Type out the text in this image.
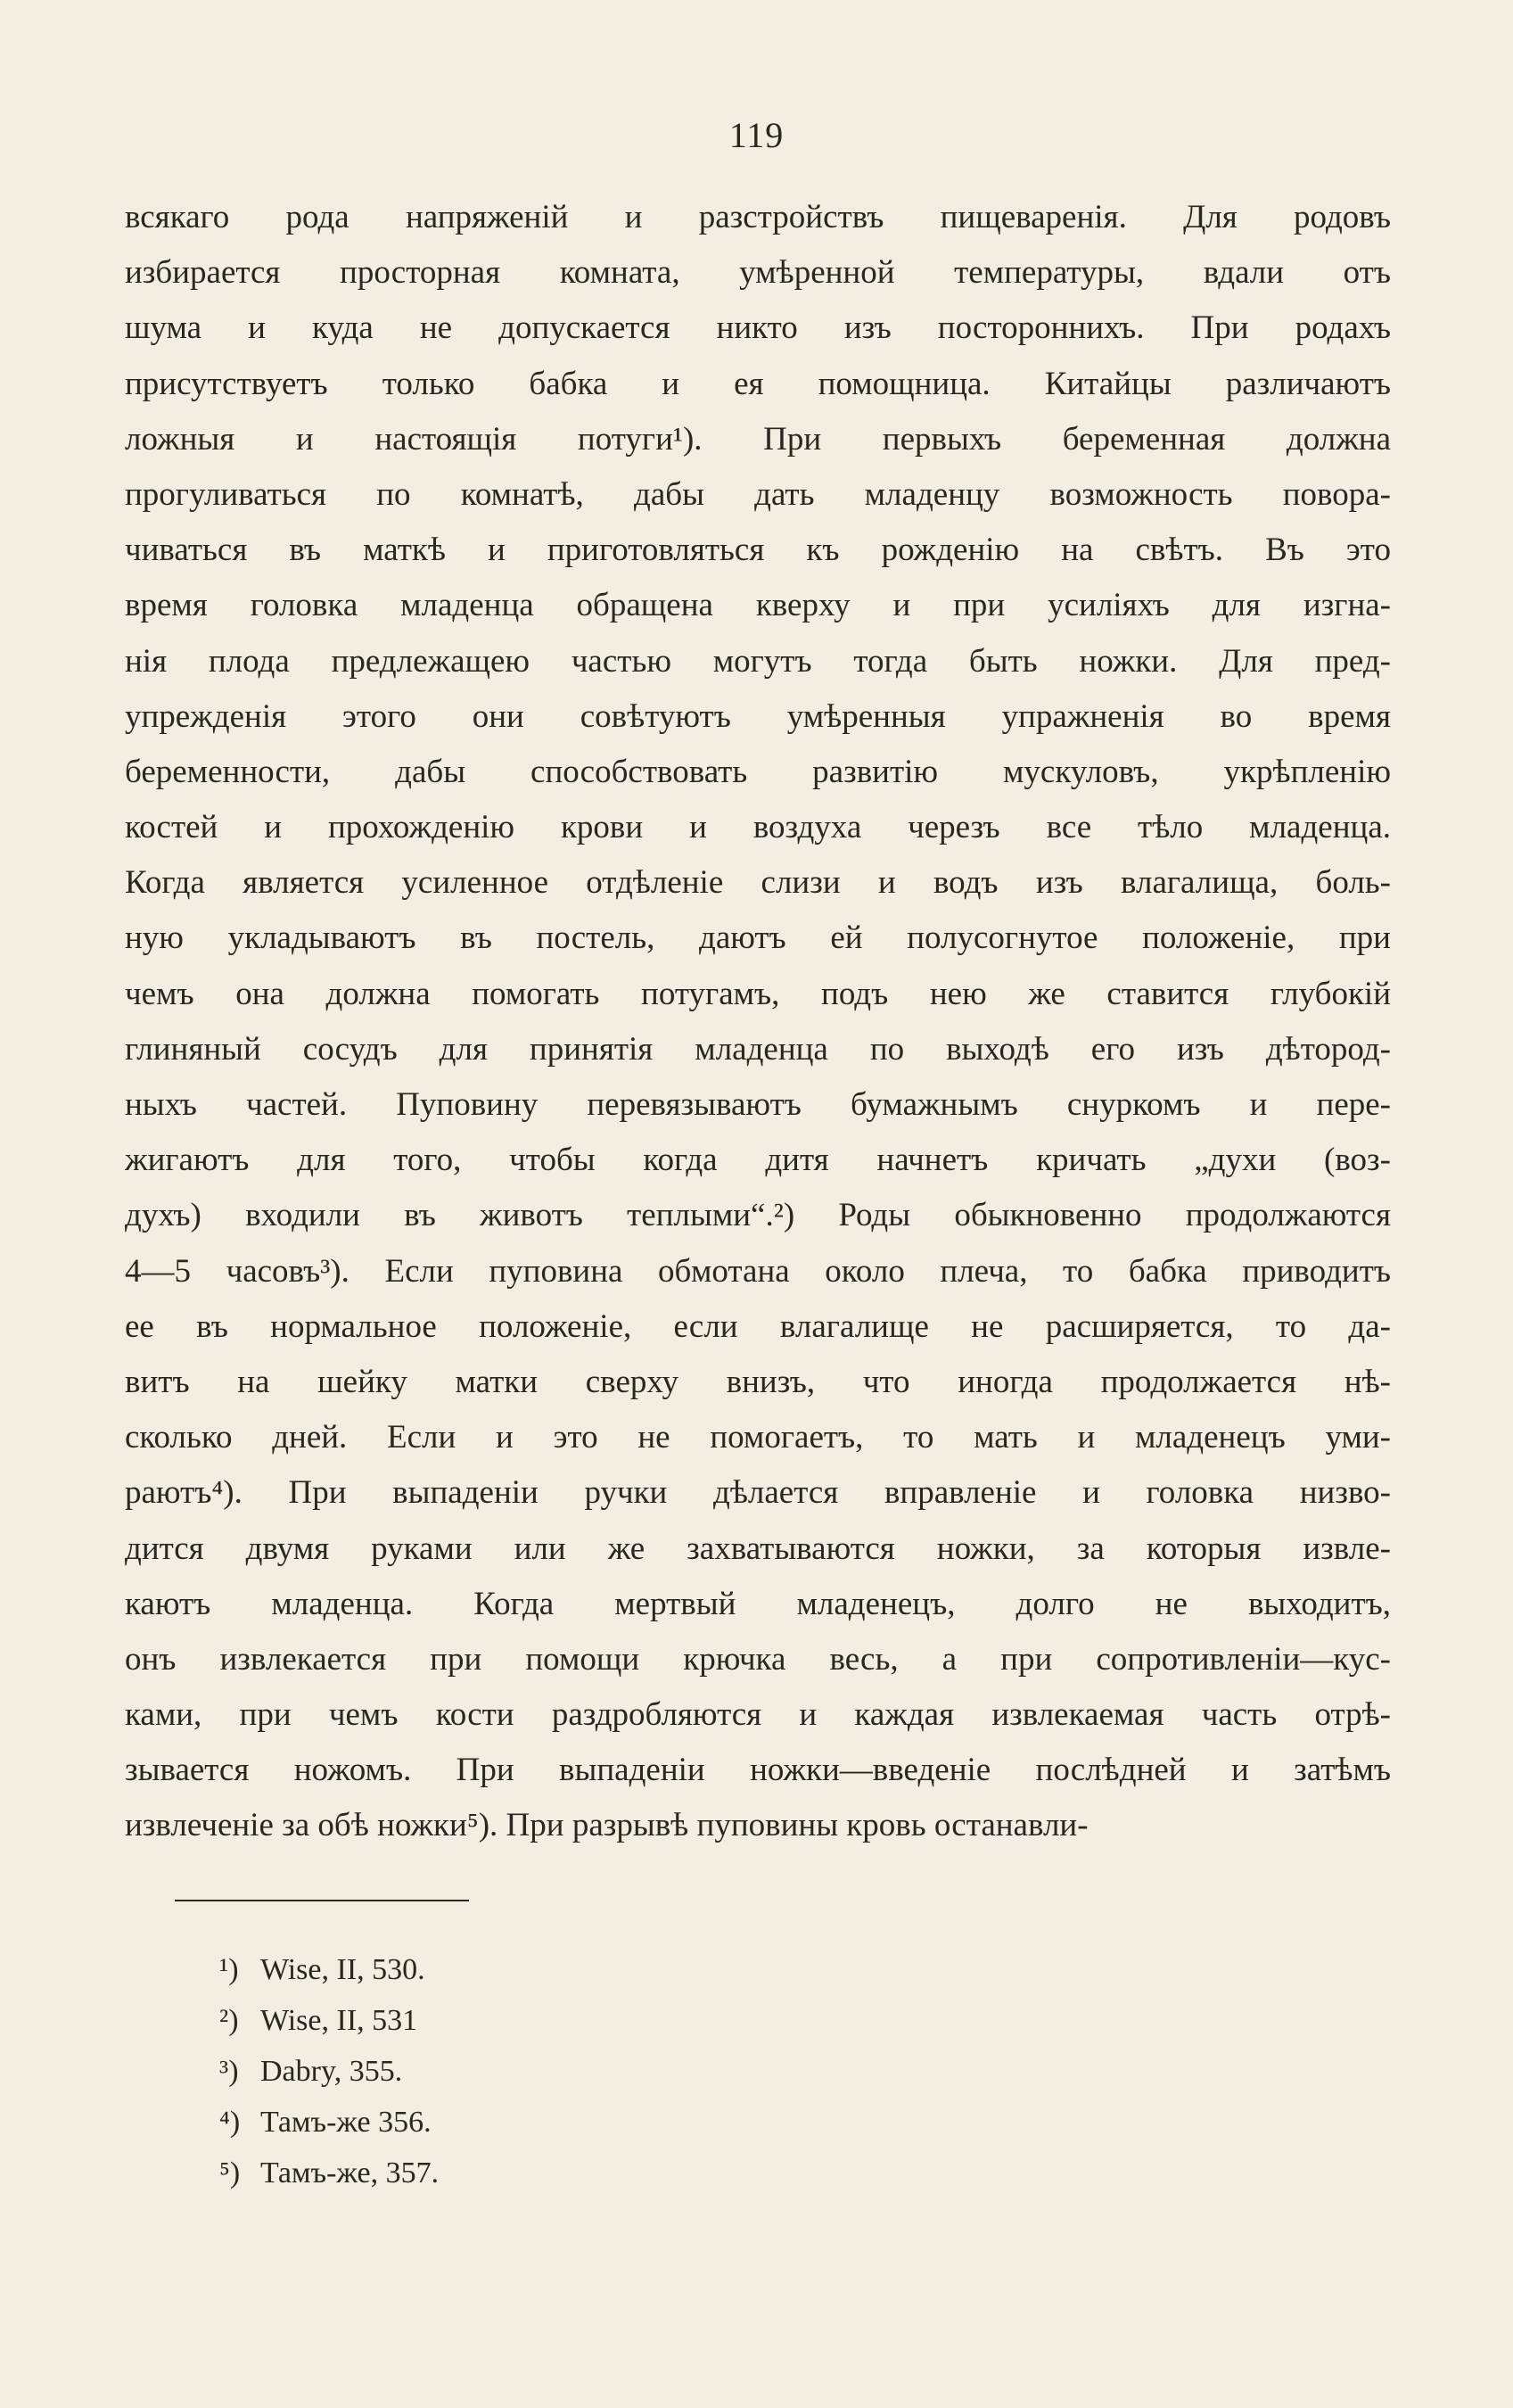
119
всякаго рода напряженій и разстройствъ пищеваренія. Для родовъ
избирается просторная комната, умѣренной температуры, вдали отъ
шума и куда не допускается никто изъ постороннихъ. При родахъ
присутствуетъ только бабка и ея помощница. Китайцы различаютъ
ложныя и настоящія потуги¹). При первыхъ беременная должна
прогуливаться по комнатѣ, дабы дать младенцу возможность повора-
чиваться въ маткѣ и приготовляться къ рожденію на свѣтъ. Въ это
время головка младенца обращена кверху и при усиліяхъ для изгна-
нія плода предлежащею частью могутъ тогда быть ножки. Для пред-
упрежденія этого они совѣтуютъ умѣренныя упражненія во время
беременности, дабы способствовать развитію мускуловъ, укрѣпленію
костей и прохожденію крови и воздуха черезъ все тѣло младенца.
Когда является усиленное отдѣленіе слизи и водъ изъ влагалища, боль-
ную укладываютъ въ постель, даютъ ей полусогнутое положеніе, при
чемъ она должна помогать потугамъ, подъ нею же ставится глубокій
глиняный сосудъ для принятія младенца по выходѣ его изъ дѣтород-
ныхъ частей. Пуповину перевязываютъ бумажнымъ снуркомъ и пере-
жигаютъ для того, чтобы когда дитя начнетъ кричать „духи (воз-
духъ) входили въ животъ теплыми“.²) Роды обыкновенно продолжаются
4—5 часовъ³). Если пуповина обмотана около плеча, то бабка приводитъ
ее въ нормальное положеніе, если влагалище не расширяется, то да-
витъ на шейку матки сверху внизъ, что иногда продолжается нѣ-
сколько дней. Если и это не помогаетъ, то мать и младенецъ уми-
раютъ⁴). При выпаденіи ручки дѣлается вправленіе и головка низво-
дится двумя руками или же захватываются ножки, за которыя извле-
каютъ младенца. Когда мертвый младенецъ, долго не выходитъ,
онъ извлекается при помощи крючка весь, а при сопротивленіи—кус-
ками, при чемъ кости раздробляются и каждая извлекаемая часть отрѣ-
зывается ножомъ. При выпаденіи ножки—введеніе послѣдней и затѣмъ
извлеченіе за обѣ ножки⁵). При разрывѣ пуповины кровь останавли-
¹) Wise, II, 530.
²) Wise, II, 531
³) Dabry, 355.
⁴) Тамъ-же 356.
⁵) Тамъ-же, 357.
